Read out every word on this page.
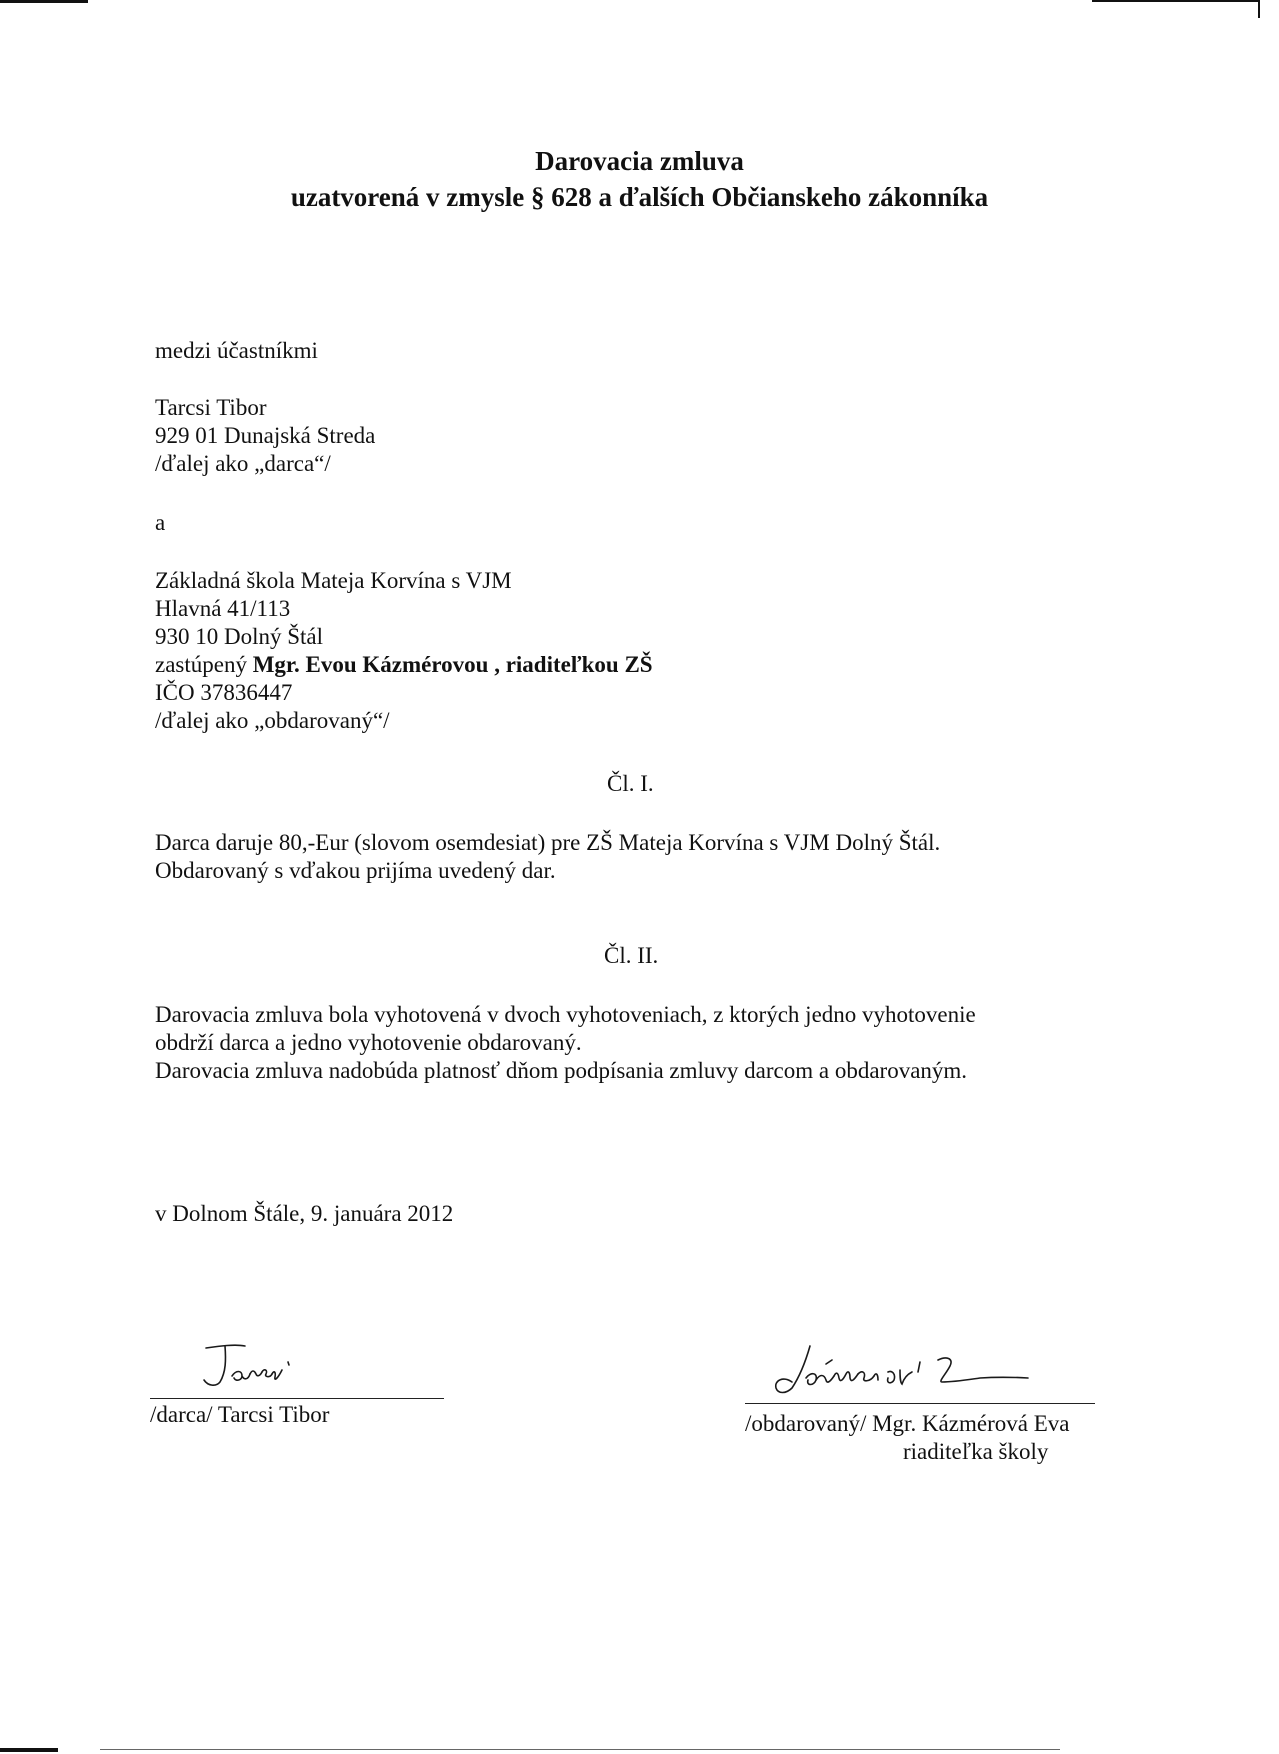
Darovacia zmluva
uzatvorená v zmysle § 628 a ďalších Občianskeho zákonníka
medzi účastníkmi
Tarcsi Tibor
929 01 Dunajská Streda
/ďalej ako „darca“/
a
Základná škola Mateja Korvína s VJM
Hlavná 41/113
930 10 Dolný Štál
zastúpený Mgr. Evou Kázmérovou , riaditeľkou ZŠ
IČO 37836447
/ďalej ako „obdarovaný“/
Čl. I.
Darca daruje 80,-Eur (slovom osemdesiat) pre ZŠ Mateja Korvína s VJM Dolný Štál.
Obdarovaný s vďakou prijíma uvedený dar.
Čl. II.
Darovacia zmluva bola vyhotovená v dvoch vyhotoveniach, z ktorých jedno vyhotovenie
obdrží darca a jedno vyhotovenie obdarovaný.
Darovacia zmluva nadobúda platnosť dňom podpísania zmluvy darcom a obdarovaným.
v Dolnom Štále, 9. januára 2012
/darca/ Tarcsi Tibor	/obdarovaný/ Mgr. Kázmérová Eva
riaditeľka školy
